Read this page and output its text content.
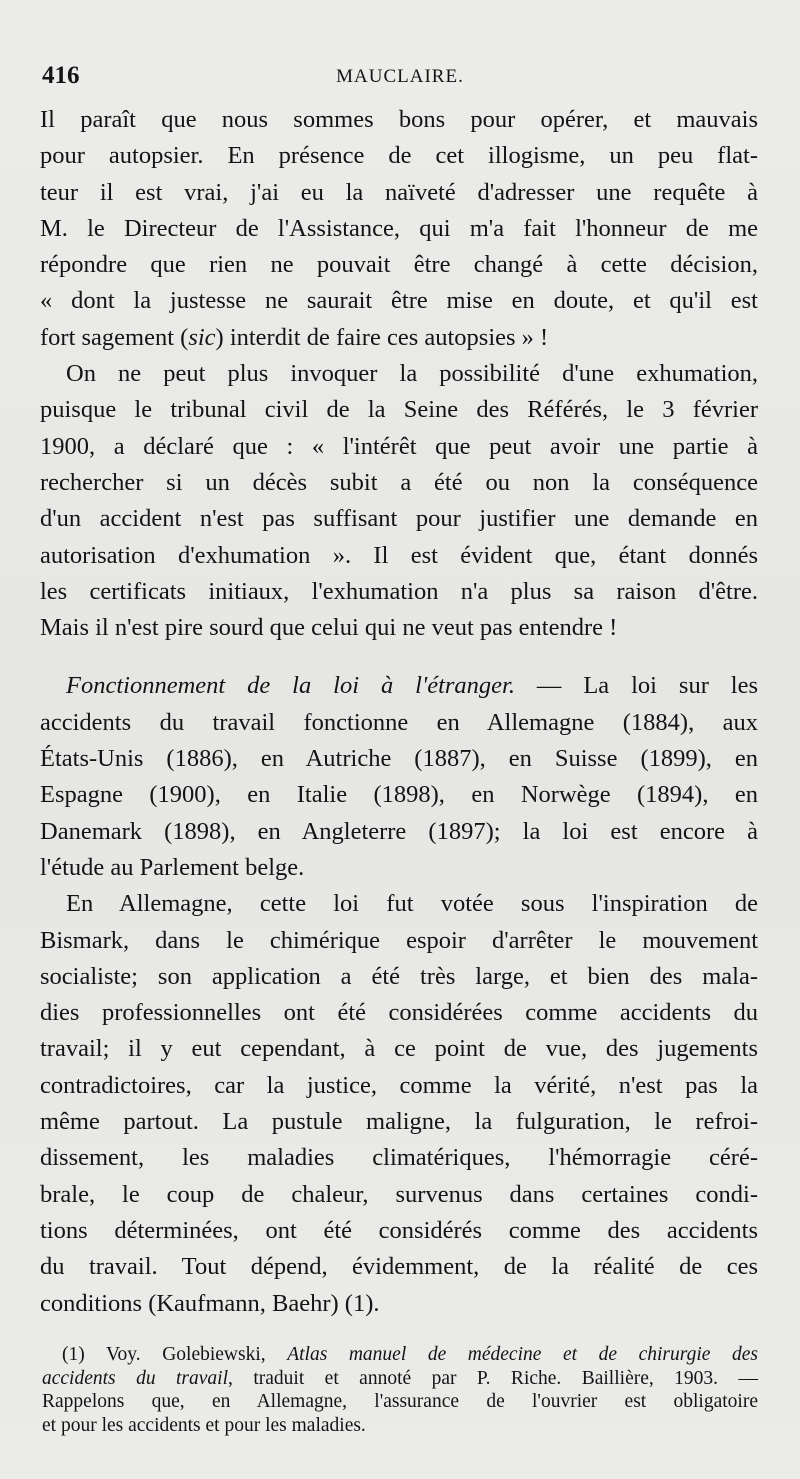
416	MAUCLAIRE.
Il paraît que nous sommes bons pour opérer, et mauvais
pour autopsier. En présence de cet illogisme, un peu flat-
teur il est vrai, j'ai eu la naïveté d'adresser une requête à
M. le Directeur de l'Assistance, qui m'a fait l'honneur de me
répondre que rien ne pouvait être changé à cette décision,
« dont la justesse ne saurait être mise en doute, et qu'il est
fort sagement (sic) interdit de faire ces autopsies » !
On ne peut plus invoquer la possibilité d'une exhumation,
puisque le tribunal civil de la Seine des Référés, le 3 février
1900, a déclaré que : « l'intérêt que peut avoir une partie à
rechercher si un décès subit a été ou non la conséquence
d'un accident n'est pas suffisant pour justifier une demande en
autorisation d'exhumation ». Il est évident que, étant donnés
les certificats initiaux, l'exhumation n'a plus sa raison d'être.
Mais il n'est pire sourd que celui qui ne veut pas entendre !
Fonctionnement de la loi à l'étranger. — La loi sur les
accidents du travail fonctionne en Allemagne (1884), aux
États-Unis (1886), en Autriche (1887), en Suisse (1899), en
Espagne (1900), en Italie (1898), en Norwège (1894), en
Danemark (1898), en Angleterre (1897); la loi est encore à
l'étude au Parlement belge.
En Allemagne, cette loi fut votée sous l'inspiration de
Bismark, dans le chimérique espoir d'arrêter le mouvement
socialiste; son application a été très large, et bien des mala-
dies professionnelles ont été considérées comme accidents du
travail; il y eut cependant, à ce point de vue, des jugements
contradictoires, car la justice, comme la vérité, n'est pas la
même partout. La pustule maligne, la fulguration, le refroi-
dissement, les maladies climatériques, l'hémorragie céré-
brale, le coup de chaleur, survenus dans certaines condi-
tions déterminées, ont été considérés comme des accidents
du travail. Tout dépend, évidemment, de la réalité de ces
conditions (Kaufmann, Baehr) (1).
(1) Voy. Golebiewski, Atlas manuel de médecine et de chirurgie des
accidents du travail, traduit et annoté par P. Riche. Baillière, 1903. —
Rappelons que, en Allemagne, l'assurance de l'ouvrier est obligatoire
et pour les accidents et pour les maladies.
